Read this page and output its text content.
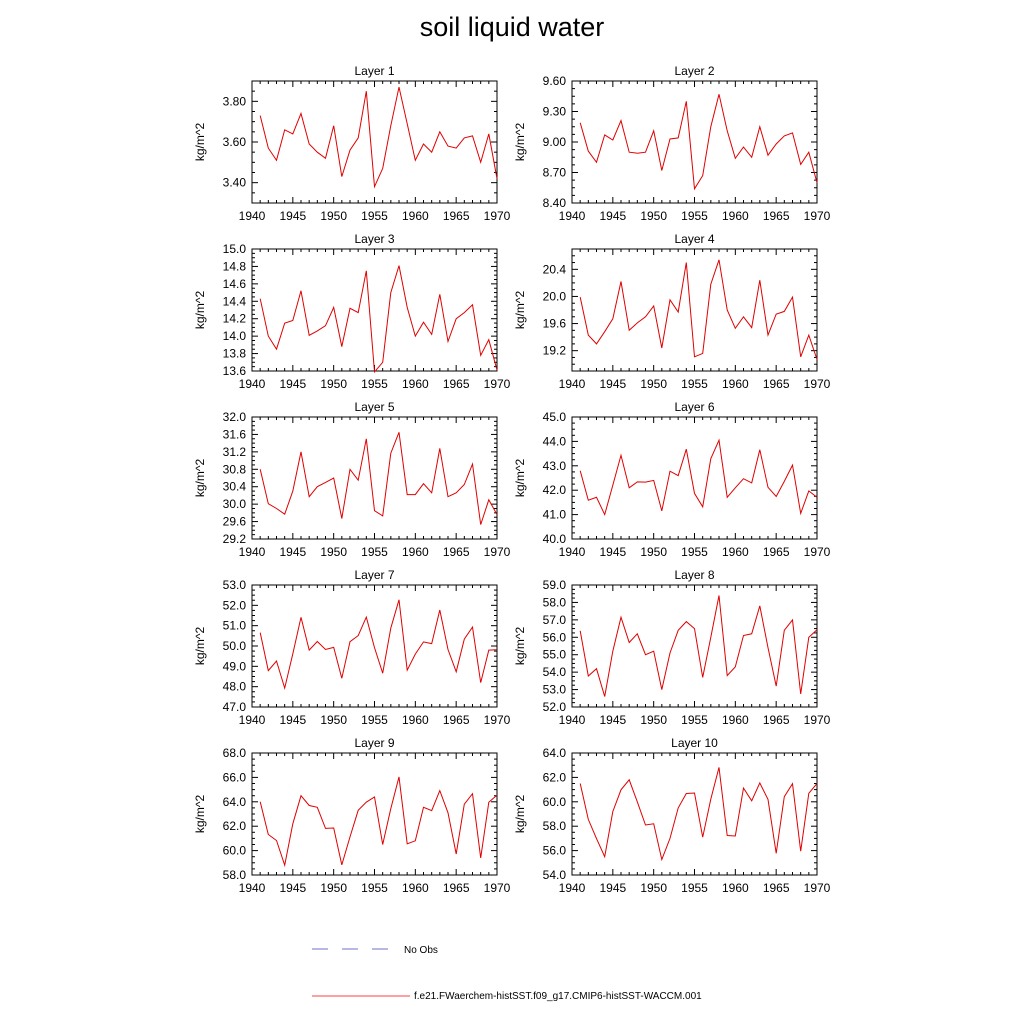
soil liquid water
Layer 1
kg/m^2
1940 1945 1950 1955 1960 1965 1970
3.40
3.60
3.80
Layer 2
kg/m^2
1940 1945 1950 1955 1960 1965 1970
8.40
8.70
9.00
9.30
9.60
Layer 3
kg/m^2
1940 1945 1950 1955 1960 1965 1970
13.6
13.8
14.0
14.2
14.4
14.6
14.8
15.0
Layer 4
kg/m^2
1940 1945 1950 1955 1960 1965 1970
19.2
19.6
20.0
20.4
Layer 5
kg/m^2
1940 1945 1950 1955 1960 1965 1970
29.2
29.6
30.0
30.4
30.8
31.2
31.6
32.0
Layer 6
kg/m^2
1940 1945 1950 1955 1960 1965 1970
40.0
41.0
42.0
43.0
44.0
45.0
Layer 7
kg/m^2
1940 1945 1950 1955 1960 1965 1970
47.0
48.0
49.0
50.0
51.0
52.0
53.0
Layer 8
kg/m^2
1940 1945 1950 1955 1960 1965 1970
52.0
53.0
54.0
55.0
56.0
57.0
58.0
59.0
Layer 9
kg/m^2
1940 1945 1950 1955 1960 1965 1970
58.0
60.0
62.0
64.0
66.0
68.0
Layer 10
kg/m^2
1940 1945 1950 1955 1960 1965 1970
54.0
56.0
58.0
60.0
62.0
64.0
No Obs
f.e21.FWaerchem-histSST.f09_g17.CMIP6-histSST-WACCM.001
